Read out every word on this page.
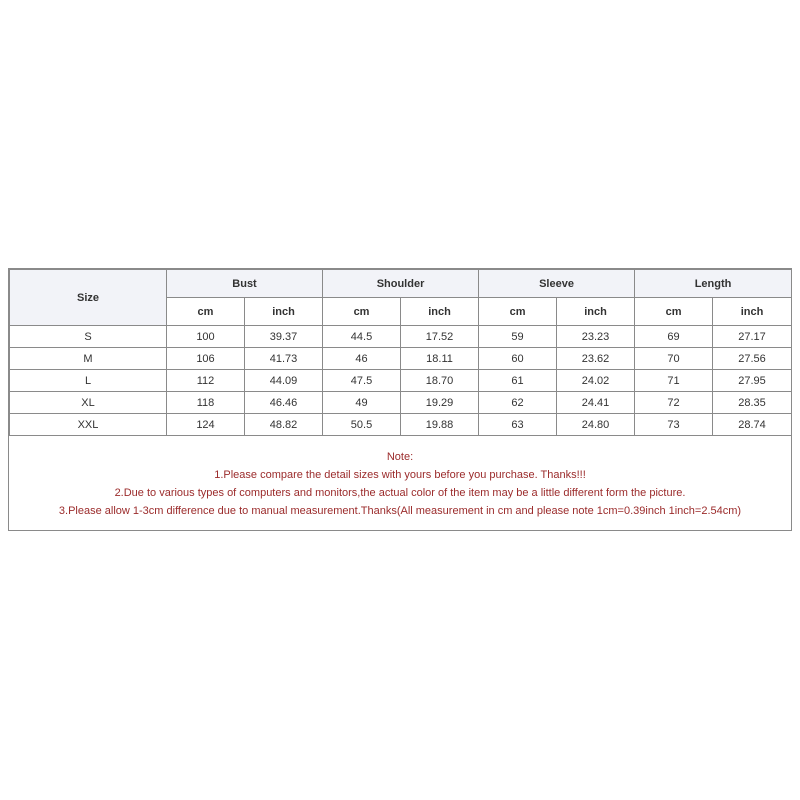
Size	Bust		Shoulder		Sleeve		Length	
	cm	inch	cm	inch	cm	inch	cm	inch
S	100	39.37	44.5	17.52	59	23.23	69	27.17
M	106	41.73	46	18.11	60	23.62	70	27.56
L	112	44.09	47.5	18.70	61	24.02	71	27.95
XL	118	46.46	49	19.29	62	24.41	72	28.35
XXL	124	48.82	50.5	19.88	63	24.80	73	28.74
Note:
1.Please compare the detail sizes with yours before you purchase. Thanks!!!
2.Due to various types of computers and monitors,the actual color of the item may be a little different form the picture.
3.Please allow 1-3cm difference due to manual measurement.Thanks(All measurement in cm and please note 1cm=0.39inch 1inch=2.54cm)
